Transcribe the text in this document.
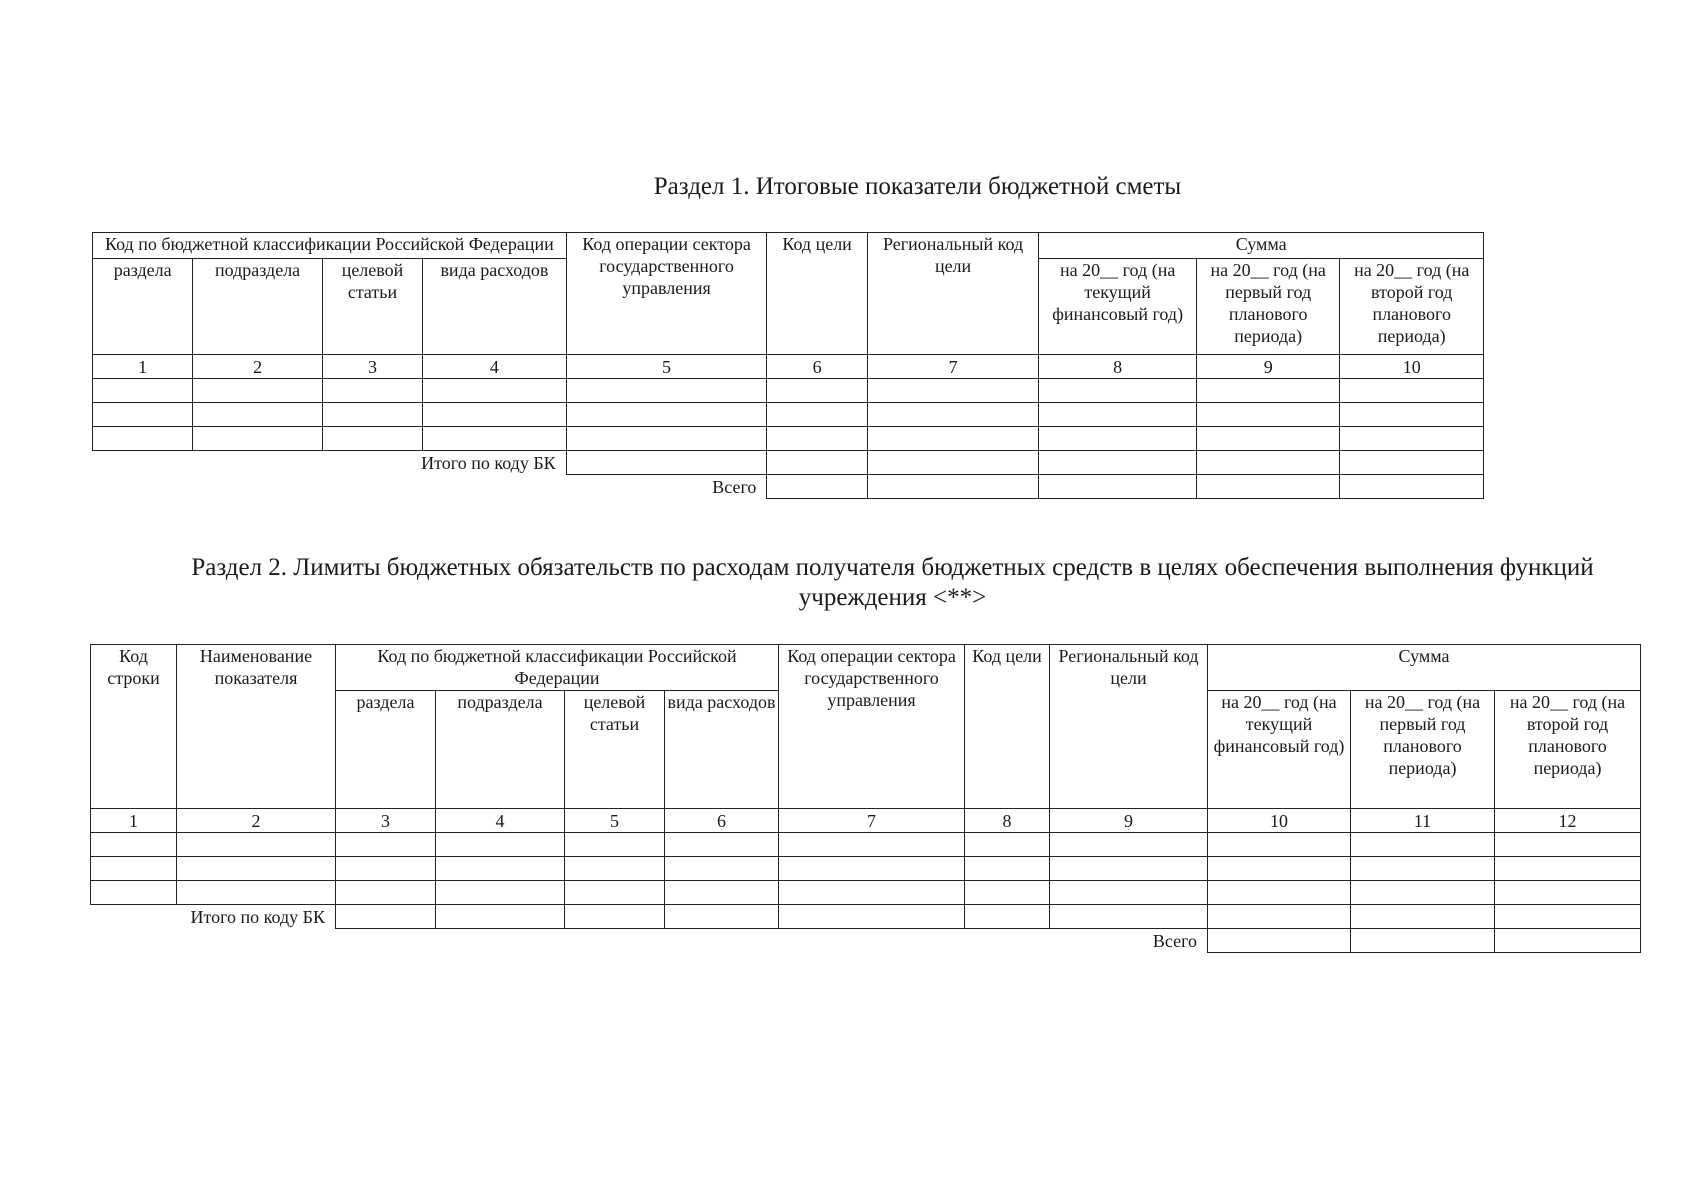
Раздел 1. Итоговые показатели бюджетной сметы
Код по бюджетной классификации Российской Федерации				Код операции сектора государственного управления	Код цели	Региональный код цели	Сумма		
раздела	подраздела	целевой статьи	вида расходов				на 20__ год (на текущий финансовый год)	на 20__ год (на первый год планового периода)	на 20__ год (на второй год планового периода)

1	2	3	4	5	6	7	8	9	10

Итого по коду БК									
Всего									
Раздел 2. Лимиты бюджетных обязательств по расходам получателя бюджетных средств в целях обеспечения выполнения функций учреждения <**>
Код строки	Наименование показателя	Код по бюджетной классификации Российской Федерации				Код операции сектора государственного управления	Код цели	Региональный код цели	Сумма		
		раздела	подраздела	целевой статьи	вида расходов				на 20__ год (на текущий финансовый год)	на 20__ год (на первый год планового периода)	на 20__ год (на второй год планового периода)

1	2	3	4	5	6	7	8	9	10	11	12

Итого по коду БК											
Всего											
